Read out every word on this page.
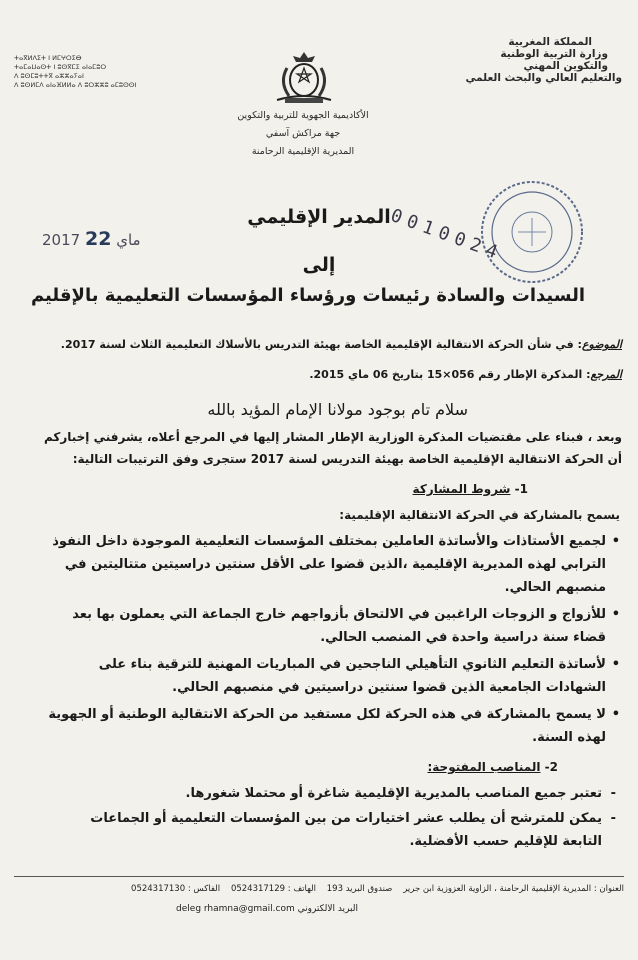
ⵜⴰⴳⵍⴷⵉⵜ ⵏ ⵍⵎⵖⵔⵉⴱ
ⵜⴰⵎⴰⵡⴰⵙⵜ ⵏ ⵓⵙⴳⵎⵉ ⴰⵏⴰⵎⵓⵔ
ⴷ ⵓⵙⵎⵓⵜⵜⴳ ⴰⵣⵣⴰⵢⴰⵏ
ⴷ ⵓⵙⵍⵎⴷ ⴰⵏⴰⴼⵍⵍⴰ ⴷ ⵓⵔⵣⵣⵓ ⴰⵎⵓⵙⵙⵏ
المملكة المغربية
وزارة التربية الوطنية
والتكوين المهني
والتعليم العالي والبحث العلمي
الأكاديمية الجهوية للتربية والتكوين
جهة مراكش آسفي
المديرية الإقليمية الرحامنة
0010024
2017 ماي 22
المدير الإقليمي
إلى
السيدات والسادة رئيسات ورؤساء المؤسسات التعليمية بالإقليم
الموضوع: في شأن الحركة الانتقالية الإقليمية الخاصة بهيئة التدريس بالأسلاك التعليمية الثلاث لسنة 2017.
المرجع: المذكرة الإطار رقم 056×15 بتاريخ 06 ماي 2015.
سلام تام بوجود مولانا الإمام المؤيد بالله
وبعد ، فبناء على مقتضيات المذكرة الوزارية الإطار المشار إليها في المرجع أعلاه، يشرفني إخباركم
أن الحركة الانتقالية الإقليمية الخاصة بهيئة التدريس لسنة 2017 ستجرى وفق الترتيبات التالية:
1- شروط المشاركة
يسمح بالمشاركة في الحركة الانتقالية الإقليمية:
• لجميع الأستاذات والأساتذة العاملين بمختلف المؤسسات التعليمية الموجودة داخل النفوذ الترابي لهذه المديرية الإقليمية ،الذين قضوا على الأقل سنتين دراسيتين متتاليتين في منصبهم الحالي.
• للأزواج و الزوجات الراغبين في الالتحاق بأزواجهم خارج الجماعة التي يعملون بها بعد قضاء سنة دراسية واحدة في المنصب الحالي.
• لأساتذة التعليم الثانوي التأهيلي الناجحين في المباريات المهنية للترقية بناء على الشهادات الجامعية الذين قضوا سنتين دراسيتين في منصبهم الحالي.
• لا يسمح بالمشاركة في هذه الحركة لكل مستفيد من الحركة الانتقالية الوطنية أو الجهوية لهذه السنة.
2- المناصب المفتوحة:
- تعتبر جميع المناصب بالمديرية الإقليمية شاغرة أو محتملا شغورها.
- يمكن للمترشح أن يطلب عشر اختيارات من بين المؤسسات التعليمية أو الجماعات التابعة للإقليم حسب الأفضلية.
العنوان : المديرية الإقليمية الرحامنة ، الزاوية العزوزية ابن جرير    صندوق البريد 193    الهاتف : 0524317129    الفاكس : 0524317130
البريد الالكتروني deleg rhamna@gmail.com
